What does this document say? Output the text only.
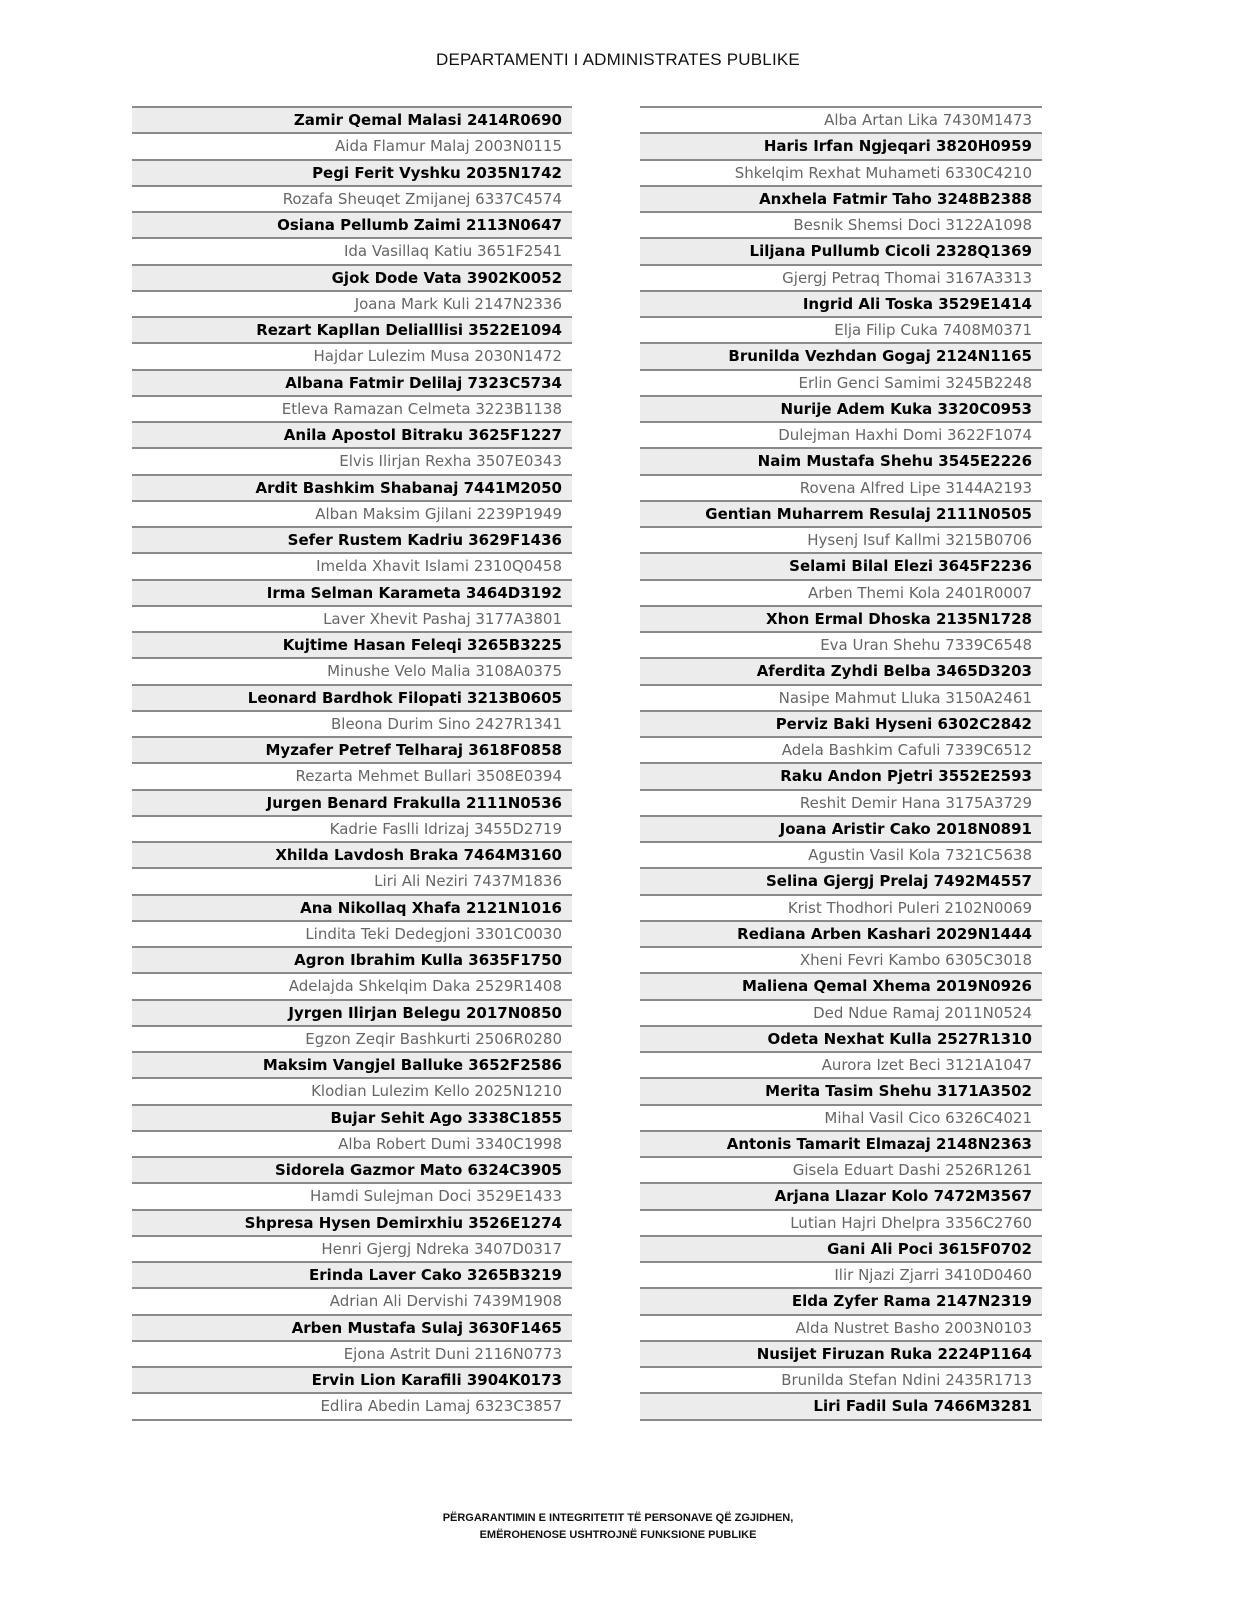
DEPARTAMENTI I ADMINISTRATES PUBLIKE
Zamir Qemal Malasi 2414R0690
Aida Flamur Malaj 2003N0115
Pegi Ferit Vyshku 2035N1742
Rozafa Sheuqet Zmijanej 6337C4574
Osiana Pellumb Zaimi 2113N0647
Ida Vasillaq Katiu 3651F2541
Gjok Dode Vata 3902K0052
Joana Mark Kuli 2147N2336
Rezart Kapllan Delialllisi 3522E1094
Hajdar Lulezim Musa 2030N1472
Albana Fatmir Delilaj 7323C5734
Etleva Ramazan Celmeta 3223B1138
Anila Apostol Bitraku 3625F1227
Elvis Ilirjan Rexha 3507E0343
Ardit Bashkim Shabanaj 7441M2050
Alban Maksim Gjilani 2239P1949
Sefer Rustem Kadriu 3629F1436
Imelda Xhavit Islami 2310Q0458
Irma Selman Karameta 3464D3192
Laver Xhevit Pashaj 3177A3801
Kujtime Hasan Feleqi 3265B3225
Minushe Velo Malia 3108A0375
Leonard Bardhok Filopati 3213B0605
Bleona Durim Sino 2427R1341
Myzafer Petref Telharaj 3618F0858
Rezarta Mehmet Bullari 3508E0394
Jurgen Benard Frakulla 2111N0536
Kadrie Faslli Idrizaj 3455D2719
Xhilda Lavdosh Braka 7464M3160
Liri Ali Neziri 7437M1836
Ana Nikollaq Xhafa 2121N1016
Lindita Teki Dedegjoni 3301C0030
Agron Ibrahim Kulla 3635F1750
Adelajda Shkelqim Daka 2529R1408
Jyrgen Ilirjan Belegu 2017N0850
Egzon Zeqir Bashkurti 2506R0280
Maksim Vangjel Balluke 3652F2586
Klodian Lulezim Kello 2025N1210
Bujar Sehit Ago 3338C1855
Alba Robert Dumi 3340C1998
Sidorela Gazmor Mato 6324C3905
Hamdi Sulejman Doci 3529E1433
Shpresa Hysen Demirxhiu 3526E1274
Henri Gjergj Ndreka 3407D0317
Erinda Laver Cako 3265B3219
Adrian Ali Dervishi 7439M1908
Arben Mustafa Sulaj 3630F1465
Ejona Astrit Duni 2116N0773
Ervin Lion Karafili 3904K0173
Edlira Abedin Lamaj 6323C3857
Alba Artan Lika 7430M1473
Haris Irfan Ngjeqari 3820H0959
Shkelqim Rexhat Muhameti 6330C4210
Anxhela Fatmir Taho 3248B2388
Besnik Shemsi Doci 3122A1098
Liljana Pullumb Cicoli 2328Q1369
Gjergj Petraq Thomai 3167A3313
Ingrid Ali Toska 3529E1414
Elja Filip Cuka 7408M0371
Brunilda Vezhdan Gogaj 2124N1165
Erlin Genci Samimi 3245B2248
Nurije Adem Kuka 3320C0953
Dulejman Haxhi Domi 3622F1074
Naim Mustafa Shehu 3545E2226
Rovena Alfred Lipe 3144A2193
Gentian Muharrem Resulaj 2111N0505
Hysenj Isuf Kallmi 3215B0706
Selami Bilal Elezi 3645F2236
Arben Themi Kola 2401R0007
Xhon Ermal Dhoska 2135N1728
Eva Uran Shehu 7339C6548
Aferdita Zyhdi Belba 3465D3203
Nasipe Mahmut Lluka 3150A2461
Perviz Baki Hyseni 6302C2842
Adela Bashkim Cafuli 7339C6512
Raku Andon Pjetri 3552E2593
Reshit Demir Hana 3175A3729
Joana Aristir Cako 2018N0891
Agustin Vasil Kola 7321C5638
Selina Gjergj Prelaj 7492M4557
Krist Thodhori Puleri 2102N0069
Rediana Arben Kashari 2029N1444
Xheni Fevri Kambo 6305C3018
Maliena Qemal Xhema 2019N0926
Ded Ndue Ramaj 2011N0524
Odeta Nexhat Kulla 2527R1310
Aurora Izet Beci 3121A1047
Merita Tasim Shehu 3171A3502
Mihal Vasil Cico 6326C4021
Antonis Tamarit Elmazaj 2148N2363
Gisela Eduart Dashi 2526R1261
Arjana Llazar Kolo 7472M3567
Lutian Hajri Dhelpra 3356C2760
Gani Ali Poci 3615F0702
Ilir Njazi Zjarri 3410D0460
Elda Zyfer Rama 2147N2319
Alda Nustret Basho 2003N0103
Nusijet Firuzan Ruka 2224P1164
Brunilda Stefan Ndini 2435R1713
Liri Fadil Sula 7466M3281
PËRGARANTIMIN E INTEGRITETIT TË PERSONAVE QË ZGJIDHEN,
EMËROHENOSE USHTROJNË FUNKSIONE PUBLIKE
